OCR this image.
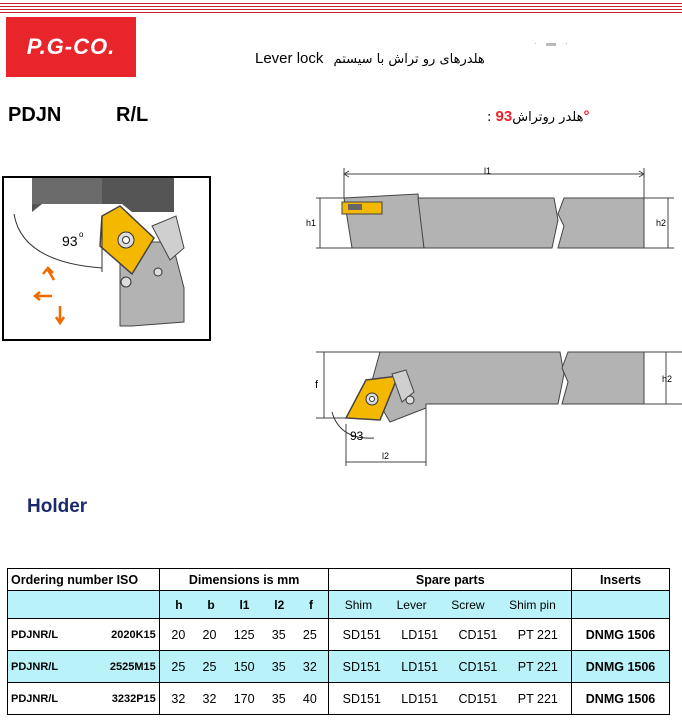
P.G-CO.	· ▬ ·
Lever lock هلدرهای رو تراش با سیستم
PDJN	R/L	: هلدر روتراش93°
93 o
l1
h1	h2
93
f	h2
l2
Holder
Ordering number ISO	Dimensions is mm	Spare parts	Inserts

	h b l1 l2 f	Shim Lever Screw Shim pin	

PDJNR/L 2020K15	20 20 125 35 25	SD151 LD151 CD151 PT 221	DNMG 1506

PDJNR/L 2525M15	25 25 150 35 32	SD151 LD151 CD151 PT 221	DNMG 1506

PDJNR/L 3232P15	32 32 170 35 40	SD151 LD151 CD151 PT 221	DNMG 1506
